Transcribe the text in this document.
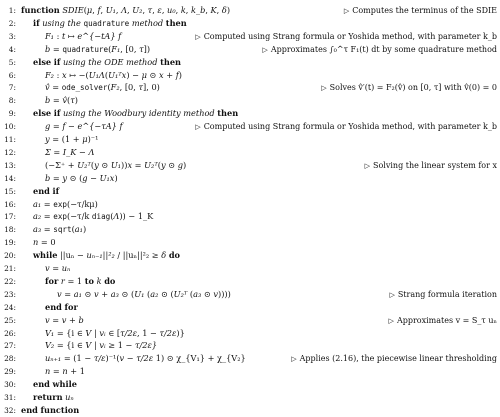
1: function SDIE(μ, f, U₁, Λ, U₂, τ, ε, u₀, k, k_b, K, δ)	▷ Computes the terminus of the SDIE
2: if using the quadrature method then
3:	F₁ : t ↦ e^{−tA} f	▷ Computed using Strang formula or Yoshida method, with parameter k_b
4:	b = quadrature(F₁, [0, τ])	▷ Approximates ∫₀^τ F₁(t) dt by some quadrature method
5: else if using the ODE method then
6:	F₂ : x ↦ −(U₁Λ(U₁ᵀx) − μ ⊙ x + f)
7:	v̂ = ode_solver(F₂, [0, τ], 0)	▷ Solves v̂′(t) = F₂(v̂) on [0, τ] with v̂(0) = 0
8:	b = v̂(τ)
9: else if using the Woodbury identity method then
10:	g = f − e^{−τA} f	▷ Computed using Strang formula or Yoshida method, with parameter k_b
11:	y = (1 + μ)⁻¹
12:	Σ = I_K − Λ
13:	(−Σ⁺ + U₂ᵀ(y ⊙ U₁))x = U₂ᵀ(y ⊙ g)	▷ Solving the linear system for x
14:	b = y ⊙ (g − U₁x)
15: end if
16: a₁ = exp(−τ/kμ)
17: a₂ = exp(−τ/k diag(Λ)) − 1_K
18: a₃ = sqrt(a₁)
19: n = 0
20: while ||uₙ − uₙ₋₁||²₂ / ||uₙ||²₂ ≥ δ do
21:	v = uₙ
22:	for r = 1 to k do
23:	v = a₁ ⊙ v + a₃ ⊙ (U₁ (a₂ ⊙ (U₂ᵀ (a₃ ⊙ v))))	▷ Strang formula iteration
24:	end for
25:	v = v + b	▷ Approximates v = S_τ uₙ
26:	V₁ = {i ∈ V | vᵢ ∈ [τ/2ε, 1 − τ/2ε)}
27:	V₂ = {i ∈ V | vᵢ ≥ 1 − τ/2ε}
28:	uₙ₊₁ = (1 − τ/ε)⁻¹(v − τ/2ε 1) ⊙ χ_{V₁} + χ_{V₂}	▷ Applies (2.16), the piecewise linear thresholding
29:	n = n + 1
30: end while
31: return uₙ
32: end function
